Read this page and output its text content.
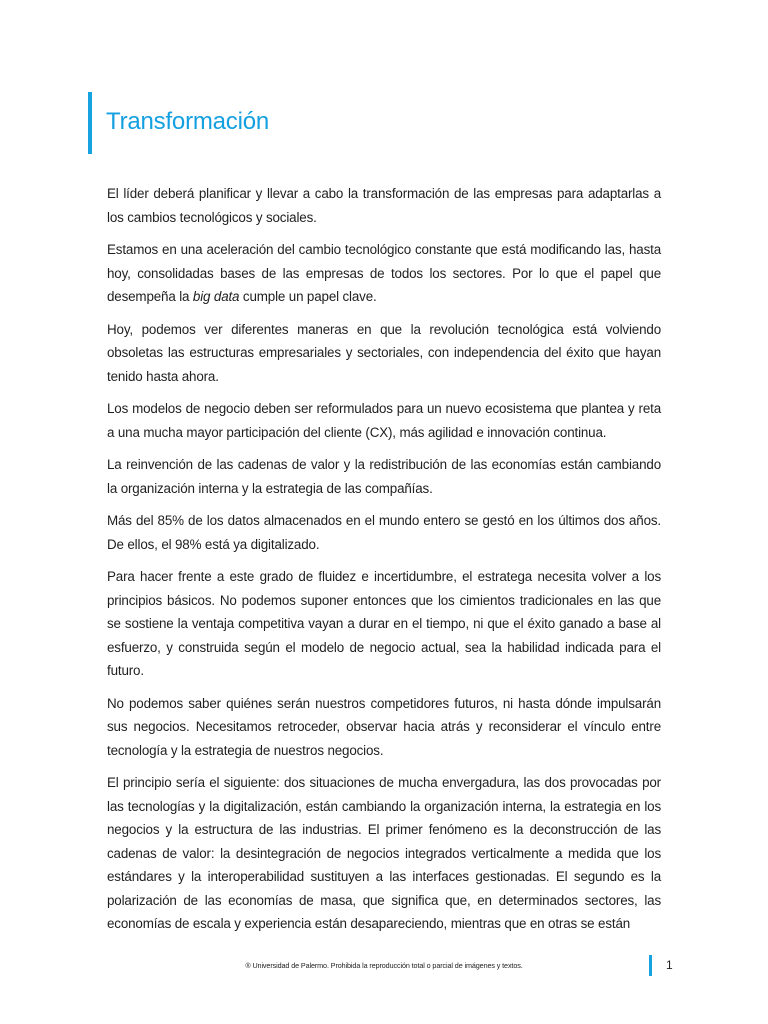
Transformación

El líder deberá planificar y llevar a cabo la transformación de las empresas para adaptarlas a los cambios tecnológicos y sociales.

Estamos en una aceleración del cambio tecnológico constante que está modificando las, hasta hoy, consolidadas bases de las empresas de todos los sectores. Por lo que el papel que desempeña la big data cumple un papel clave.

Hoy, podemos ver diferentes maneras en que la revolución tecnológica está volviendo obsoletas las estructuras empresariales y sectoriales, con independencia del éxito que hayan tenido hasta ahora.

Los modelos de negocio deben ser reformulados para un nuevo ecosistema que plantea y reta a una mucha mayor participación del cliente (CX), más agilidad e innovación continua.

La reinvención de las cadenas de valor y la redistribución de las economías están cambiando la organización interna y la estrategia de las compañías.

Más del 85% de los datos almacenados en el mundo entero se gestó en los últimos dos años. De ellos, el 98% está ya digitalizado.

Para hacer frente a este grado de fluidez e incertidumbre, el estratega necesita volver a los principios básicos. No podemos suponer entonces que los cimientos tradicionales en las que se sostiene la ventaja competitiva vayan a durar en el tiempo, ni que el éxito ganado a base al esfuerzo, y construida según el modelo de negocio actual, sea la habilidad indicada para el futuro.

No podemos saber quiénes serán nuestros competidores futuros, ni hasta dónde impulsarán sus negocios. Necesitamos retroceder, observar hacia atrás y reconsiderar el vínculo entre tecnología y la estrategia de nuestros negocios.

El principio sería el siguiente: dos situaciones de mucha envergadura, las dos provocadas por las tecnologías y la digitalización, están cambiando la organización interna, la estrategia en los negocios y la estructura de las industrias. El primer fenómeno es la deconstrucción de las cadenas de valor: la desintegración de negocios integrados verticalmente a medida que los estándares y la interoperabilidad sustituyen a las interfaces gestionadas. El segundo es la polarización de las economías de masa, que significa que, en determinados sectores, las economías de escala y experiencia están desapareciendo, mientras que en otras se están

® Universidad de Palermo. Prohibida la reproducción total o parcial de imágenes y textos.	1
